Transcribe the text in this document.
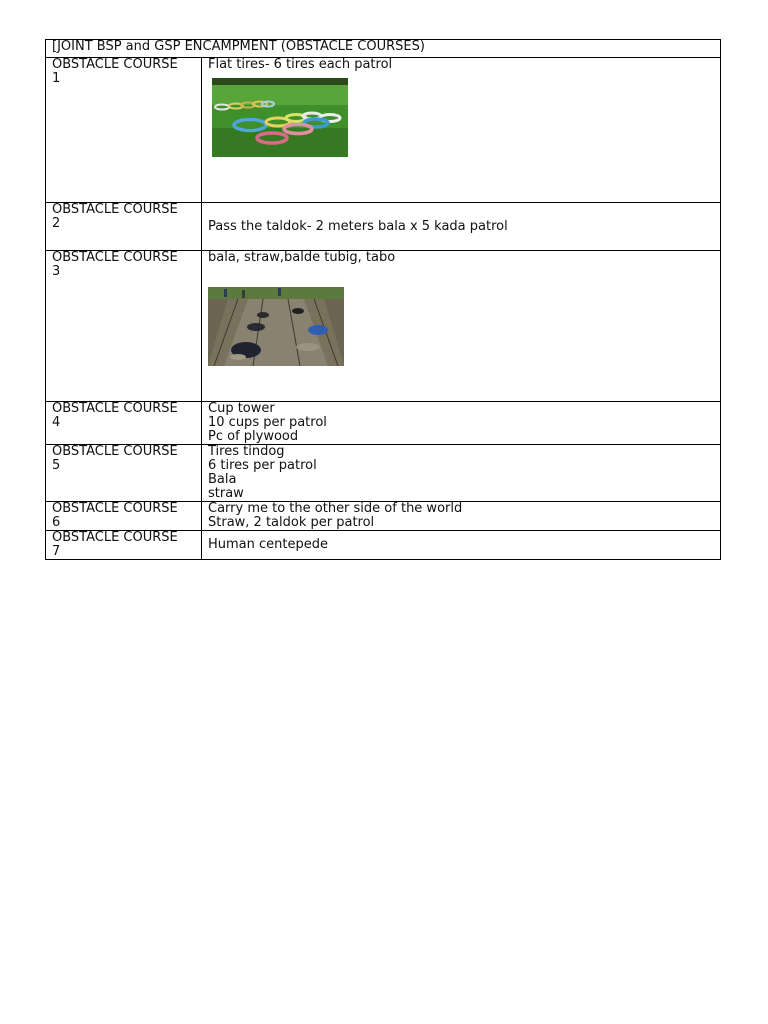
[JOINT BSP and GSP ENCAMPMENT (OBSTACLE COURSES)	
OBSTACLE COURSE
1	Flat tires- 6 tires each patrol

OBSTACLE COURSE
2	Pass the taldok- 2 meters bala x 5 kada patrol

OBSTACLE COURSE
3	bala, straw,balde tubig, tabo

OBSTACLE COURSE
4	Cup tower
10 cups per patrol
Pc of plywood

OBSTACLE COURSE
5	Tires tindog
6 tires per patrol
Bala
straw

OBSTACLE COURSE
6	Carry me to the other side of the world
Straw, 2 taldok per patrol

OBSTACLE COURSE
7	Human centepede
